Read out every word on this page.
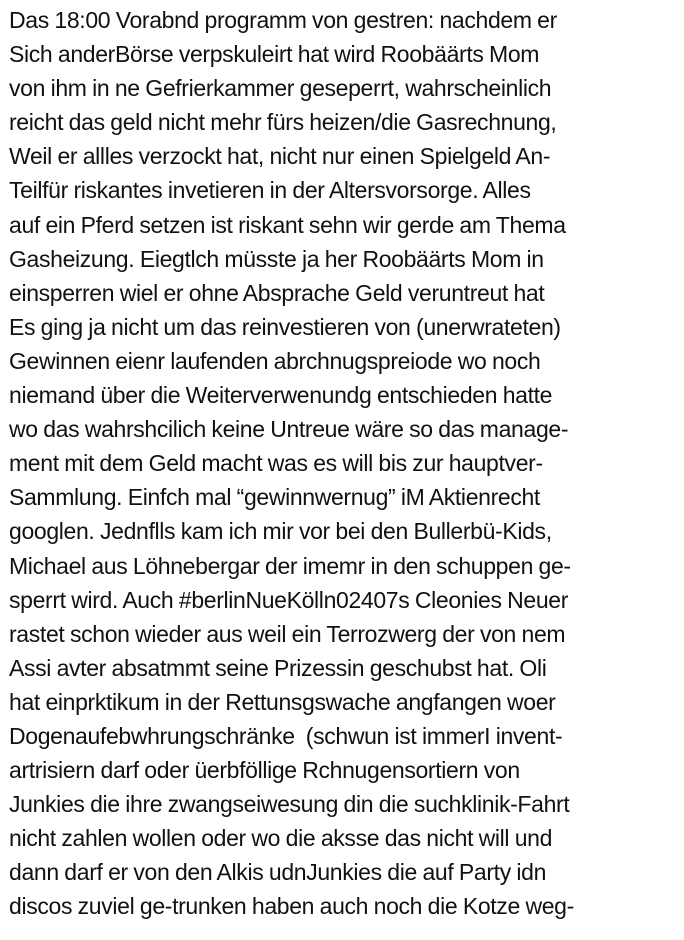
Das 18:00 Vorabnd programm von gestren: nachdem er
Sich anderBörse verpskuleirt hat wird Roobäärts Mom
von ihm in ne Gefrierkammer geseperrt, wahrscheinlich
reicht das geld nicht mehr fürs heizen/die Gasrechnung,
Weil er allles verzockt hat, nicht nur einen Spielgeld An-
Teilfür riskantes invetieren in der Altersvorsorge. Alles
auf ein Pferd setzen ist riskant sehn wir gerde am Thema
Gasheizung. Eiegtlch müsste ja her Roobäärts Mom in
einsperren wiel er ohne Absprache Geld veruntreut hat
Es ging ja nicht um das reinvestieren von (unerwrateten)
Gewinnen eienr laufenden abrchnugspreiode wo noch
niemand über die Weiterverwenundg entschieden hatte
wo das wahrshcilich keine Untreue wäre so das manage-
ment mit dem Geld macht was es will bis zur hauptver-
Sammlung. Einfch mal “gewinnwernug” iM Aktienrecht
googlen. Jednflls kam ich mir vor bei den Bullerbü-Kids,
Michael aus Löhnebergar der imemr in den schuppen ge-
sperrt wird. Auch #berlinNueKölln02407s Cleonies Neuer
rastet schon wieder aus weil ein Terrozwerg der von nem
Assi avter absatmmt seine Prizessin geschubst hat. Oli
hat einprktikum in der Rettunsgswache angfangen woer
Dogenaufebwhrungschränke  (schwun ist immerI invent-
artrisiern darf oder üerbföllige Rchnugensortiern von
Junkies die ihre zwangseiwesung din die suchklinik-Fahrt
nicht zahlen wollen oder wo die aksse das nicht will und
dann darf er von den Alkis udnJunkies die auf Party idn
discos zuviel ge-trunken haben auch noch die Kotze weg-
